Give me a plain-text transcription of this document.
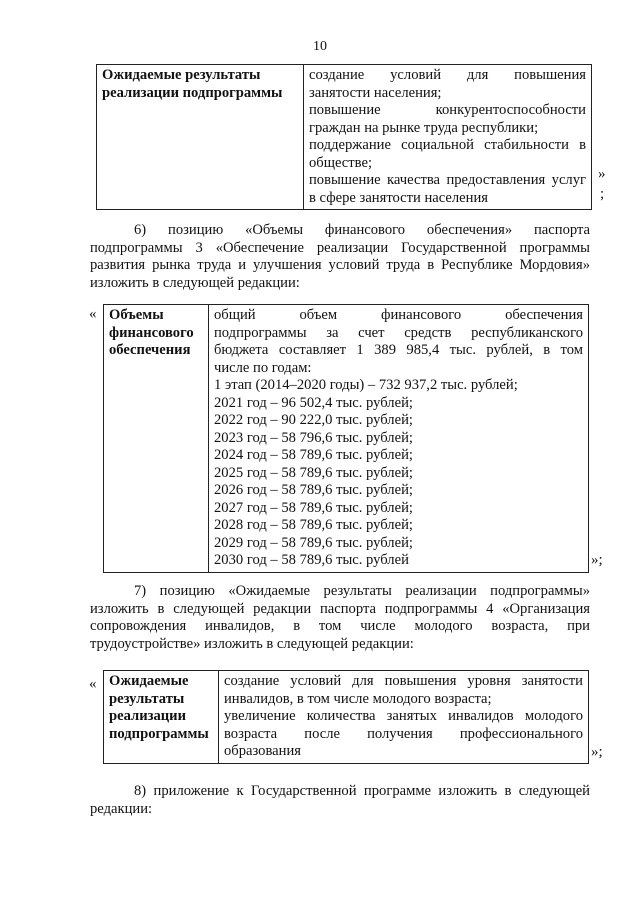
10
Ожидаемые результаты
реализации подпрограммы

создание условий для повышения
занятости населения;
повышение конкурентоспособности
граждан на рынке труда республики;
поддержание социальной стабильности в
обществе;
повышение качества предоставления услуг
в сфере занятости населения
»
;
6) позицию «Объемы финансового обеспечения» паспорта
подпрограммы 3 «Обеспечение реализации Государственной программы
развития рынка труда и улучшения условий труда в Республике Мордовия»
изложить в следующей редакции:
« Объемы
финансового
обеспечения

общий объем финансового обеспечения
подпрограммы за счет средств республиканского
бюджета составляет 1 389 985,4 тыс. рублей, в том
числе по годам:
1 этап (2014–2020 годы) – 732 937,2 тыс. рублей;
2021 год – 96 502,4 тыс. рублей;
2022 год – 90 222,0 тыс. рублей;
2023 год – 58 796,6 тыс. рублей;
2024 год – 58 789,6 тыс. рублей;
2025 год – 58 789,6 тыс. рублей;
2026 год – 58 789,6 тыс. рублей;
2027 год – 58 789,6 тыс. рублей;
2028 год – 58 789,6 тыс. рублей;
2029 год – 58 789,6 тыс. рублей;
2030 год – 58 789,6 тыс. рублей	»;
7) позицию «Ожидаемые результаты реализации подпрограммы»
изложить в следующей редакции паспорта подпрограммы 4 «Организация
сопровождения инвалидов, в том числе молодого возраста, при
трудоустройстве» изложить в следующей редакции:
« Ожидаемые
результаты
реализации
подпрограммы

создание условий для повышения уровня занятости
инвалидов, в том числе молодого возраста;
увеличение количества занятых инвалидов молодого
возраста после получения профессионального
образования	»;
8) приложение к Государственной программе изложить в следующей
редакции:
